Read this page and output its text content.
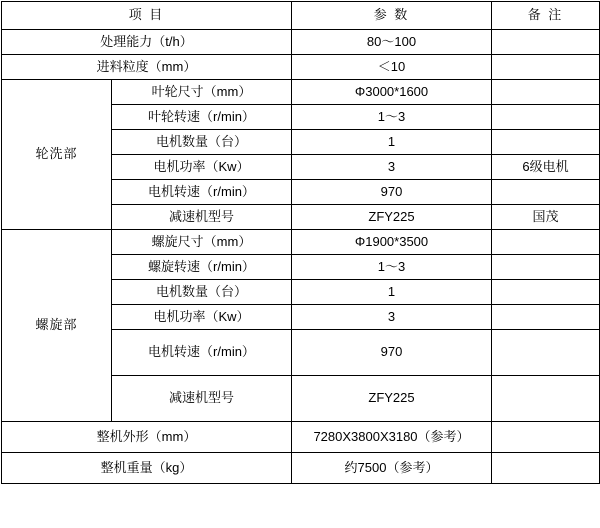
项 目		参 数	备 注
处理能力（t/h）		80～100	
进料粒度（mm）		＜10	
轮洗部	叶轮尺寸（mm）	Φ3000*1600	
	叶轮转速（r/min）	1～3	
	电机数量（台）	1	
	电机功率（Kw）	3	6级电机
	电机转速（r/min）	970	
	减速机型号	ZFY225	国茂
螺旋部	螺旋尺寸（mm）	Φ1900*3500	
	螺旋转速（r/min）	1～3	
	电机数量（台）	1	
	电机功率（Kw）	3	
	电机转速（r/min）	970	
	减速机型号	ZFY225	
整机外形（mm）		7280X3800X3180（参考）	
整机重量（kg）		约7500（参考）	
